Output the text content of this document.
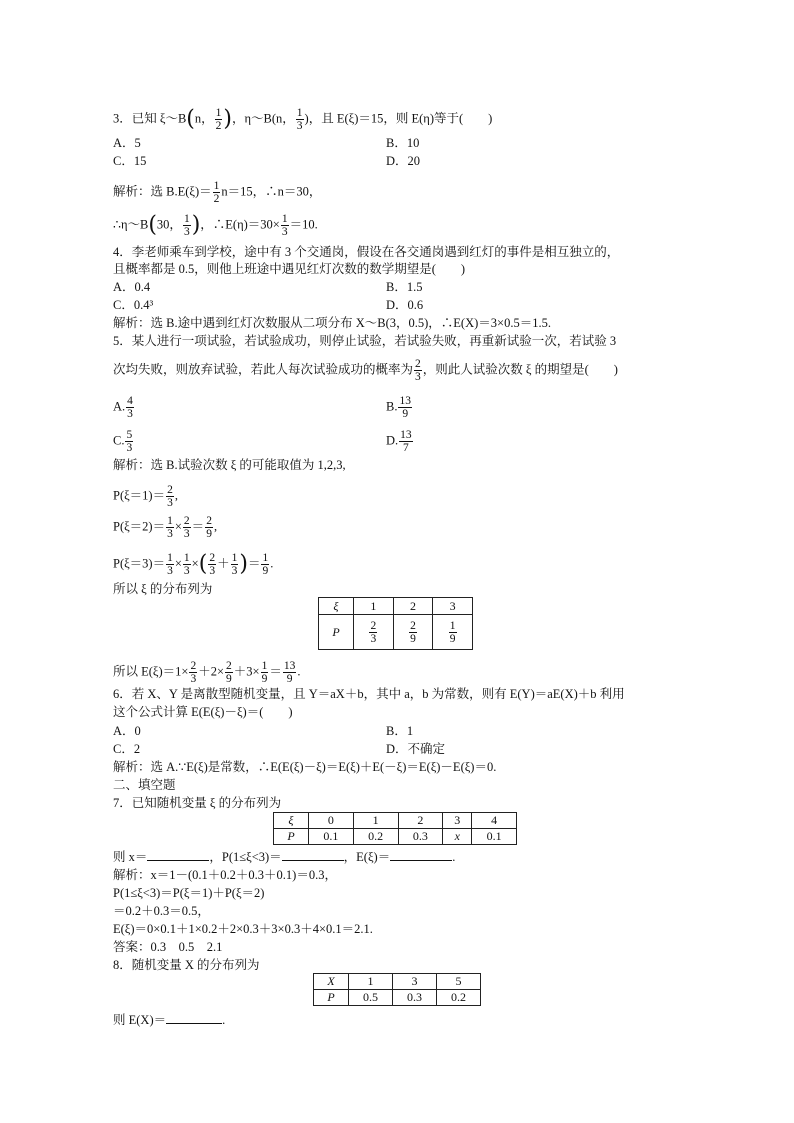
3．已知 ξ～B(n， $\frac{1}{2}$ )，η～B(n， $\frac{1}{3}$ )，且 E(ξ)＝15，则 E(η)等于(　　)
A．5	B．10
C．15	D．20
解析：选 $B.E(\xi)= \frac{1}{2} n=15$，∴n＝30，
∴η～B(30， $\frac{1}{3}$ )，∴E(η)＝30× $\frac{1}{3} =10$.
4．李老师乘车到学校，途中有 3 个交通岗，假设在各交通岗遇到红灯的事件是相互独立的，
且概率都是 0.5，则他上班途中遇见红灯次数的数学期望是(　　)
A．0.4	B．1.5
C．0.4³	D．0.6
解析：选 B.途中遇到红灯次数服从二项分布 X～B(3，0.5)，∴E(X)＝3×0.5＝1.5.
5．某人进行一项试验，若试验成功，则停止试验，若试验失败，再重新试验一次，若试验 3
次均失败，则放弃试验，若此人每次试验成功的概率为 $\frac{2}{3}$ ，则此人试验次数 ξ 的期望是(　　)
A. $\frac{4}{3}$	B. $\frac{13}{9}$
C. $\frac{5}{3}$	D. $\frac{13}{7}$
解析：选 B.试验次数 ξ 的可能取值为 1,2,3,
$P(\xi=1)= \frac{2}{3}$ ,
$P(\xi=2)= \frac{1}{3} \times \frac{2}{3} = \frac{2}{9}$ ,
$P(\xi=3)= \frac{1}{3} \times \frac{1}{3}$ ×( $\frac{2}{3} + \frac{1}{3}$ )＝ $\frac{1}{9}$ .
所以 ξ 的分布列为
ξ	1	2	3
P	$\frac{2}{3}$	$\frac{2}{9}$	$\frac{1}{9}$
所以 $E(\xi)=1\times \frac{2}{3} +2\times \frac{2}{9} +3\times \frac{1}{9} = \frac{13}{9}$ .
6．若 X、Y 是离散型随机变量，且 Y＝aX＋b，其中 a，b 为常数，则有 E(Y)＝aE(X)＋b 利用
这个公式计算 E(E(ξ)－ξ)＝(　　)
A．0	B．1
C．2	D．不确定
解析：选 A.∵E(ξ)是常数，∴E(E(ξ)－ξ)＝E(ξ)＋E(－ξ)＝E(ξ)－E(ξ)＝0.
二、填空题
7．已知随机变量 ξ 的分布列为
ξ	0	1	2	3	4
P	0.1	0.2	0.3	x	0.1
则 x＝	，P(1≤ξ<3)＝	，E(ξ)＝	.
解析：x＝1－(0.1＋0.2＋0.3＋0.1)＝0.3，
P(1≤ξ<3)＝P(ξ＝1)＋P(ξ＝2)
＝0.2＋0.3＝0.5，
E(ξ)＝0×0.1＋1×0.2＋2×0.3＋3×0.3＋4×0.1＝2.1.
答案：0.3　0.5　2.1
8．随机变量 X 的分布列为
X	1	3	5
P	0.5	0.3	0.2
则 E(X)＝	.
